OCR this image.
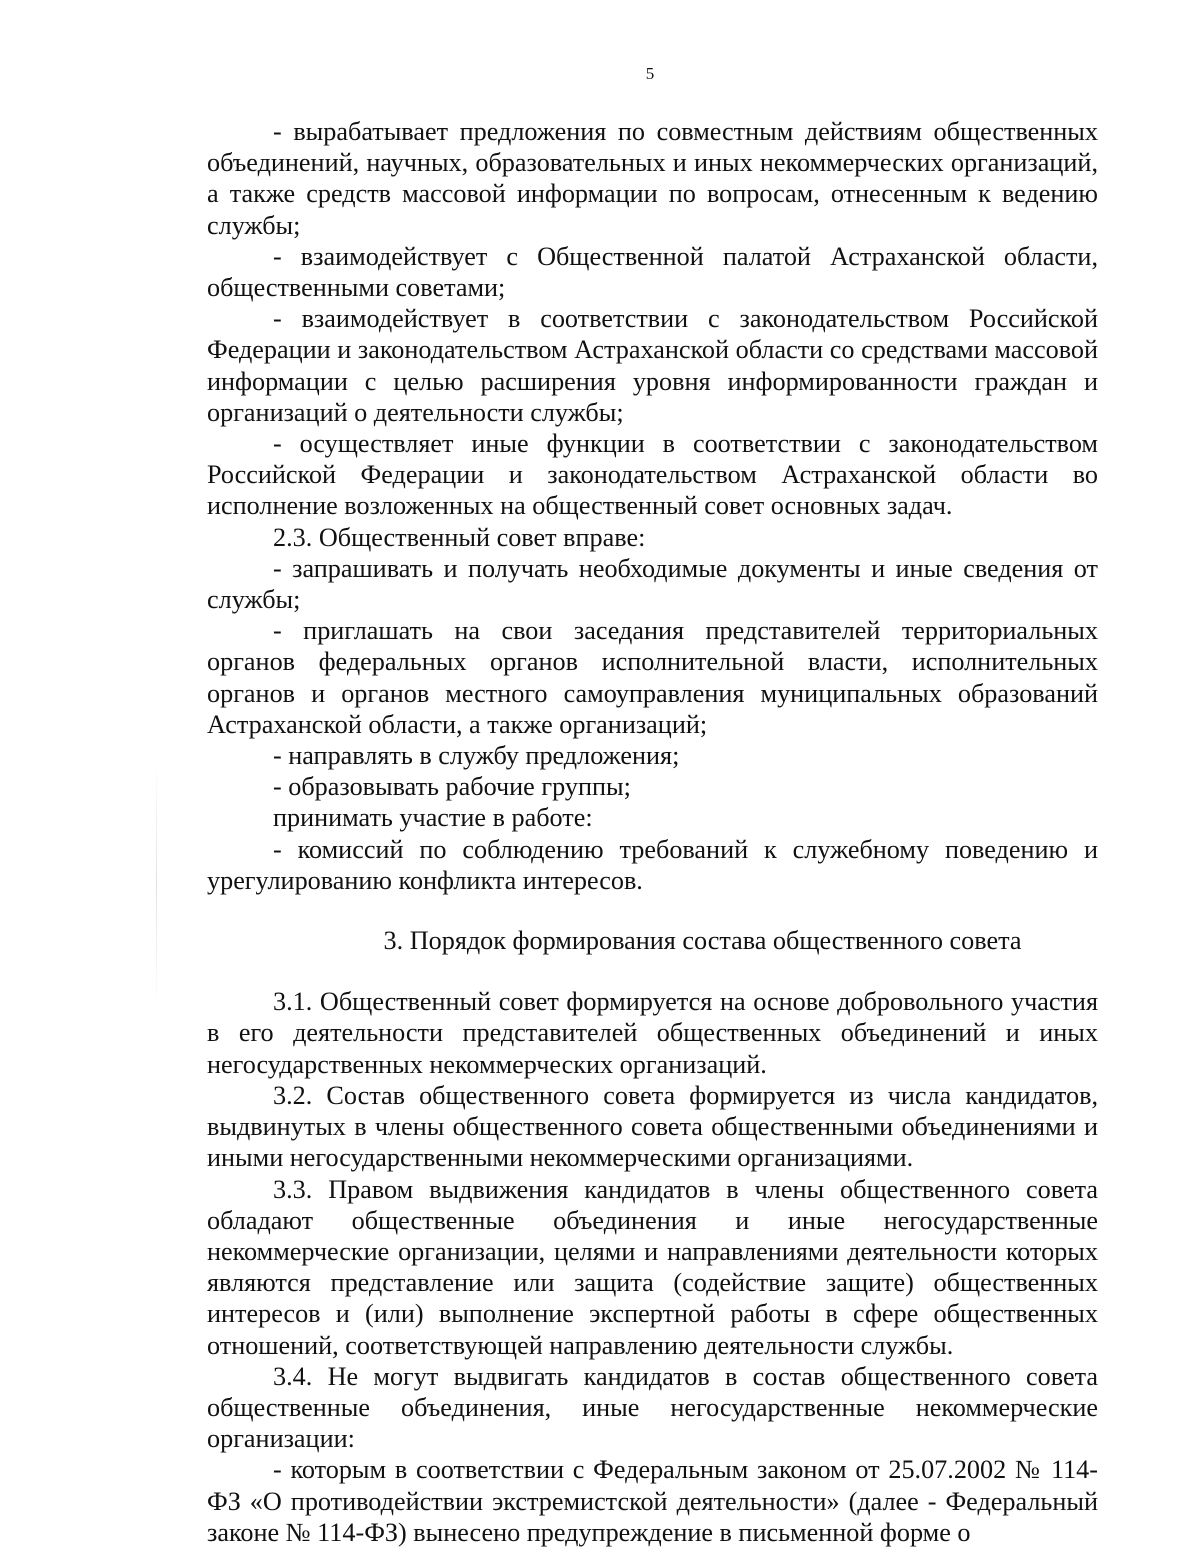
5

- вырабатывает предложения по совместным действиям общественных объединений, научных, образовательных и иных некоммерческих организаций, а также средств массовой информации по вопросам, отнесенным к ведению службы;

- взаимодействует с Общественной палатой Астраханской области, общественными советами;

- взаимодействует в соответствии с законодательством Российской Федерации и законодательством Астраханской области со средствами массовой информации с целью расширения уровня информированности граждан и организаций о деятельности службы;

- осуществляет иные функции в соответствии с законодательством Российской Федерации и законодательством Астраханской области во исполнение возложенных на общественный совет основных задач.

2.3. Общественный совет вправе:

- запрашивать и получать необходимые документы и иные сведения от службы;

- приглашать на свои заседания представителей территориальных органов федеральных органов исполнительной власти, исполнительных органов и органов местного самоуправления муниципальных образований Астраханской области, а также организаций;

- направлять в службу предложения;

- образовывать рабочие группы;

принимать участие в работе:

- комиссий по соблюдению требований к служебному поведению и урегулированию конфликта интересов.

3. Порядок формирования состава общественного совета

3.1. Общественный совет формируется на основе добровольного участия в его деятельности представителей общественных объединений и иных негосударственных некоммерческих организаций.

3.2. Состав общественного совета формируется из числа кандидатов, выдвинутых в члены общественного совета общественными объединениями и иными негосударственными некоммерческими организациями.

3.3. Правом выдвижения кандидатов в члены общественного совета обладают общественные объединения и иные негосударственные некоммерческие организации, целями и направлениями деятельности которых являются представление или защита (содействие защите) общественных интересов и (или) выполнение экспертной работы в сфере общественных отношений, соответствующей направлению деятельности службы.

3.4. Не могут выдвигать кандидатов в состав общественного совета общественные объединения, иные негосударственные некоммерческие организации:

- которым в соответствии с Федеральным законом от 25.07.2002 № 114-ФЗ «О противодействии экстремистской деятельности» (далее - Федеральный законе № 114-ФЗ) вынесено предупреждение в письменной форме о
